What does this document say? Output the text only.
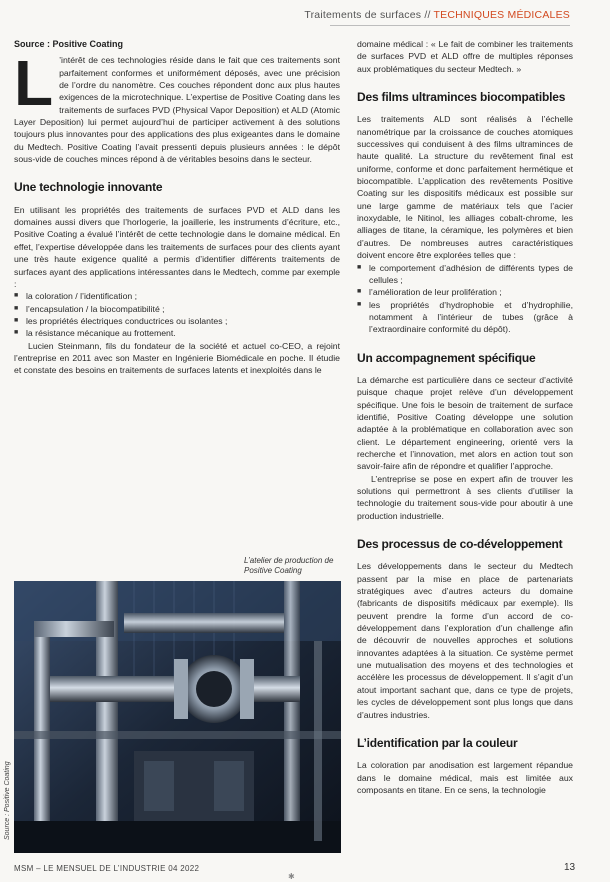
Traitements de surfaces // TECHNIQUES MÉDICALES
Source : Positive Coating

L ’intérêt de ces technologies réside dans le fait que ces traitements sont parfaitement conformes et uniformément déposés, avec une précision de l’ordre du nanomètre. Ces couches répondent donc aux plus hautes exigences de la microtechnique. L’expertise de Positive Coating dans les traitements de surfaces PVD (Physical Vapor Deposition) et ALD (Atomic Layer Deposition) lui permet aujourd’hui de participer activement à des solutions toujours plus innovantes pour des applications des plus exigeantes dans le domaine du Medtech. Positive Coating l’avait pressenti depuis plusieurs années : le dépôt sous-vide de couches minces répond à de véritables besoins dans le secteur.

Une technologie innovante

En utilisant les propriétés des traitements de surfaces PVD et ALD dans les domaines aussi divers que l’horlogerie, la joaillerie, les instruments d’écriture, etc., Positive Coating a évalué l’intérêt de cette technologie dans le domaine médical. En effet, l’expertise développée dans les traitements de surfaces pour des clients ayant une très haute exigence qualité a permis d’identifier différents traitements de surfaces ayant des applications intéressantes dans le Medtech, comme par exemple :

■ la coloration / l’identification ;
■ l’encapsulation / la biocompatibilité ;
■ les propriétés électriques conductrices ou isolantes ;
■ la résistance mécanique au frottement.

Lucien Steinmann, fils du fondateur de la société et actuel co-CEO, a rejoint l’entreprise en 2011 avec son Master en Ingénierie Biomédicale en poche. Il étudie et constate des besoins en traitements de surfaces latents et inexploités dans le

L’atelier de production de Positive Coating
Source : Positive Coating

domaine médical : « Le fait de combiner les traitements de surfaces PVD et ALD offre de multiples réponses aux problématiques du secteur Medtech. »

Des films ultraminces biocompatibles

Les traitements ALD sont réalisés à l’échelle nanométrique par la croissance de couches atomiques successives qui conduisent à des films ultraminces de haute qualité. La structure du revêtement final est uniforme, conforme et donc parfaitement hermétique et biocompatible. L’application des revêtements Positive Coating sur les dispositifs médicaux est possible sur une large gamme de matériaux tels que l’acier inoxydable, le Nitinol, les alliages cobalt-chrome, les alliages de titane, la céramique, les polymères et bien d’autres. De nombreuses autres caractéristiques doivent encore être explorées telles que :

■ le comportement d’adhésion de différents types de cellules ;
■ l’amélioration de leur prolifération ;
■ les propriétés d’hydrophobie et d’hydrophilie, notamment à l’intérieur de tubes (grâce à l’extraordinaire conformité du dépôt).
Un accompagnement spécifique

La démarche est particulière dans ce secteur d’activité puisque chaque projet relève d’un développement spécifique. Une fois le besoin de traitement de surface identifié, Positive Coating développe une solution adaptée à la problématique en collaboration avec son client. Le département engineering, orienté vers la recherche et l’innovation, met alors en action tout son savoir-faire afin de répondre et qualifier l’approche.

L’entreprise se pose en expert afin de trouver les solutions qui permettront à ses clients d’utiliser la technologie du traitement sous-vide pour aboutir à une production industrielle.

Des processus de co-développement

Les développements dans le secteur du Medtech passent par la mise en place de partenariats stratégiques avec d’autres acteurs du domaine (fabricants de dispositifs médicaux par exemple). Ils peuvent prendre la forme d’un accord de co-développement dans l’exploration d’un challenge afin de découvrir de nouvelles approches et solutions innovantes adaptées à la situation. Ce système permet une mutualisation des moyens et des technologies et accélère les processus de développement. Il s’agit d’un atout important sachant que, dans ce type de projets, les cycles de développement sont plus longs que dans d’autres industries.

L’identification par la couleur

La coloration par anodisation est largement répandue dans le domaine médical, mais est limitée aux composants en titane. En ce sens, la technologie

MSM – LE MENSUEL DE L’INDUSTRIE 04 2022	13
✱
